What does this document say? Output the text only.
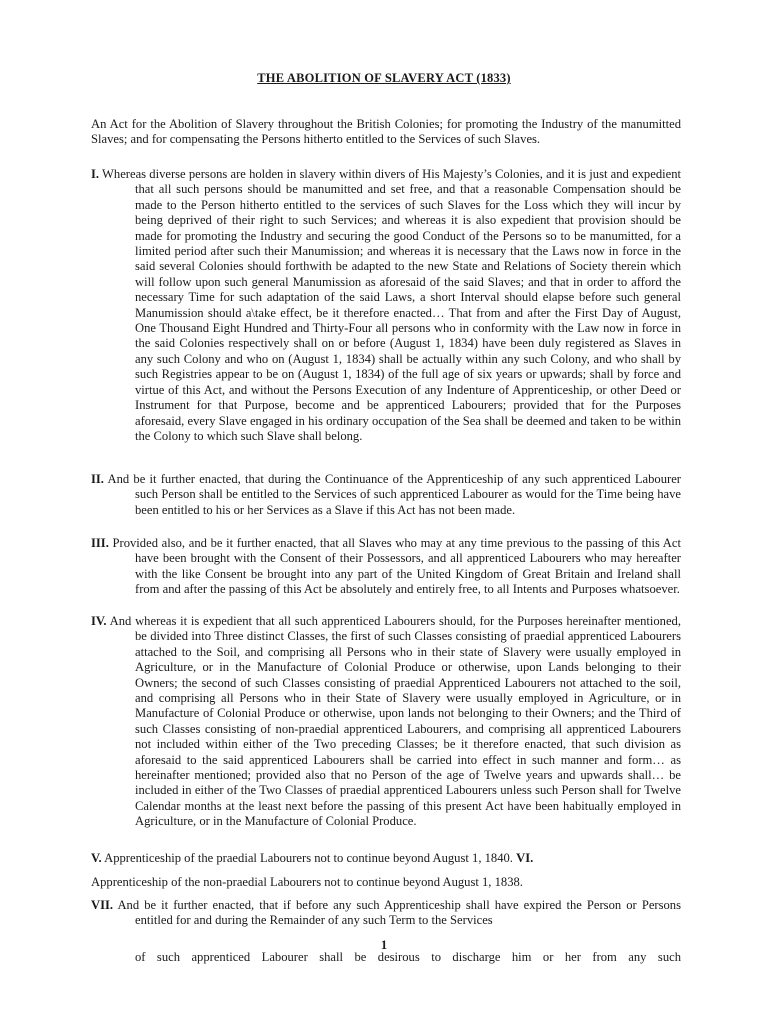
THE ABOLITION OF SLAVERY ACT (1833)
An Act for the Abolition of Slavery throughout the British Colonies; for promoting the Industry of the manumitted Slaves; and for compensating the Persons hitherto entitled to the Services of such Slaves.
I. Whereas diverse persons are holden in slavery within divers of His Majesty’s Colonies, and it is just and expedient that all such persons should be manumitted and set free, and that a reasonable Compensation should be made to the Person hitherto entitled to the services of such Slaves for the Loss which they will incur by being deprived of their right to such Services; and whereas it is also expedient that provision should be made for promoting the Industry and securing the good Conduct of the Persons so to be manumitted, for a limited period after such their Manumission; and whereas it is necessary that the Laws now in force in the said several Colonies should forthwith be adapted to the new State and Relations of Society therein which will follow upon such general Manumission as aforesaid of the said Slaves; and that in order to afford the necessary Time for such adaptation of the said Laws, a short Interval should elapse before such general Manumission should a\take effect, be it therefore enacted… That from and after the First Day of August, One Thousand Eight Hundred and Thirty-Four all persons who in conformity with the Law now in force in the said Colonies respectively shall on or before (August 1, 1834) have been duly registered as Slaves in any such Colony and who on (August 1, 1834) shall be actually within any such Colony, and who shall by such Registries appear to be on (August 1, 1834) of the full age of six years or upwards; shall by force and virtue of this Act, and without the Persons Execution of any Indenture of Apprenticeship, or other Deed or Instrument for that Purpose, become and be apprenticed Labourers; provided that for the Purposes aforesaid, every Slave engaged in his ordinary occupation of the Sea shall be deemed and taken to be within the Colony to which such Slave shall belong.
II. And be it further enacted, that during the Continuance of the Apprenticeship of any such apprenticed Labourer such Person shall be entitled to the Services of such apprenticed Labourer as would for the Time being have been entitled to his or her Services as a Slave if this Act has not been made.
III. Provided also, and be it further enacted, that all Slaves who may at any time previous to the passing of this Act have been brought with the Consent of their Possessors, and all apprenticed Labourers who may hereafter with the like Consent be brought into any part of the United Kingdom of Great Britain and Ireland shall from and after the passing of this Act be absolutely and entirely free, to all Intents and Purposes whatsoever.
IV. And whereas it is expedient that all such apprenticed Labourers should, for the Purposes hereinafter mentioned, be divided into Three distinct Classes, the first of such Classes consisting of praedial apprenticed Labourers attached to the Soil, and comprising all Persons who in their state of Slavery were usually employed in Agriculture, or in the Manufacture of Colonial Produce or otherwise, upon Lands belonging to their Owners; the second of such Classes consisting of praedial Apprenticed Labourers not attached to the soil, and comprising all Persons who in their State of Slavery were usually employed in Agriculture, or in Manufacture of Colonial Produce or otherwise, upon lands not belonging to their Owners; and the Third of such Classes consisting of non-praedial apprenticed Labourers, and comprising all apprenticed Labourers not included within either of the Two preceding Classes; be it therefore enacted, that such division as aforesaid to the said apprenticed Labourers shall be carried into effect in such manner and form… as hereinafter mentioned; provided also that no Person of the age of Twelve years and upwards shall… be included in either of the Two Classes of praedial apprenticed Labourers unless such Person shall for Twelve Calendar months at the least next before the passing of this present Act have been habitually employed in Agriculture, or in the Manufacture of Colonial Produce.
V. Apprenticeship of the praedial Labourers not to continue beyond August 1, 1840. VI.
Apprenticeship of the non-praedial Labourers not to continue beyond August 1, 1838.
VII. And be it further enacted, that if before any such Apprenticeship shall have expired the Person or Persons entitled for and during the Remainder of any such Term to the Services
1
of such apprenticed Labourer shall be desirous to discharge him or her from any such
